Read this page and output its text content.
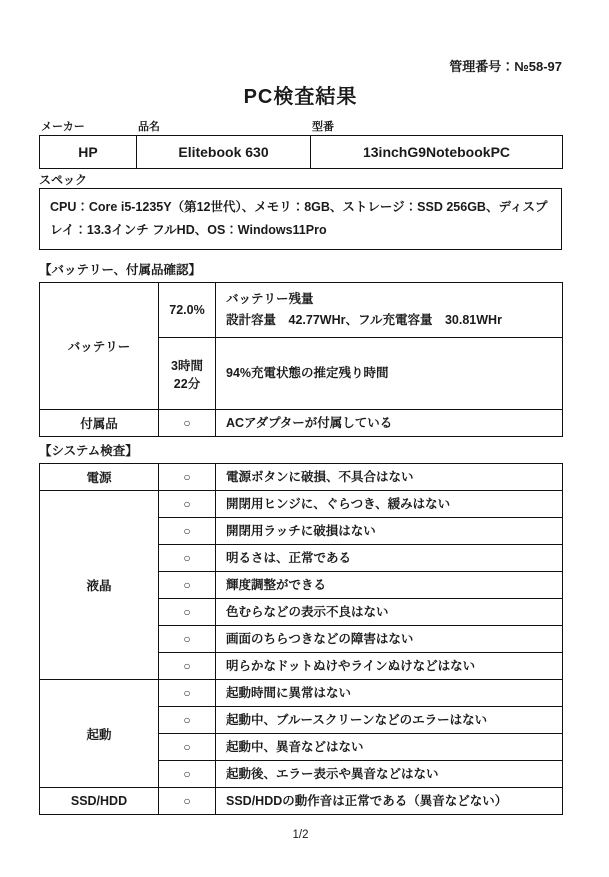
管理番号：№58-97
PC検査結果
メーカー	品名	型番
HP	Elitebook 630	13inchG9NotebookPC
スペック
CPU：Core i5-1235Y（第12世代）、メモリ：8GB、ストレージ：SSD 256GB、ディスプレイ：13.3インチ フルHD、OS：Windows11Pro
【バッテリー、付属品確認】
バッテリー	72.0%	バッテリー残量
設計容量　42.77WHr、フル充電容量　30.81WHr

	3時間
22分	94%充電状態の推定残り時間
付属品	○	ACアダプターが付属している
【システム検査】
電源	○	電源ボタンに破損、不具合はない
液晶	○	開閉用ヒンジに、ぐらつき、緩みはない
	○	開閉用ラッチに破損はない
	○	明るさは、正常である
	○	輝度調整ができる
	○	色むらなどの表示不良はない
	○	画面のちらつきなどの障害はない
	○	明らかなドットぬけやラインぬけなどはない
起動	○	起動時間に異常はない
	○	起動中、ブルースクリーンなどのエラーはない
	○	起動中、異音などはない
	○	起動後、エラー表示や異音などはない
SSD/HDD	○	SSD/HDDの動作音は正常である（異音などない）
1/2
